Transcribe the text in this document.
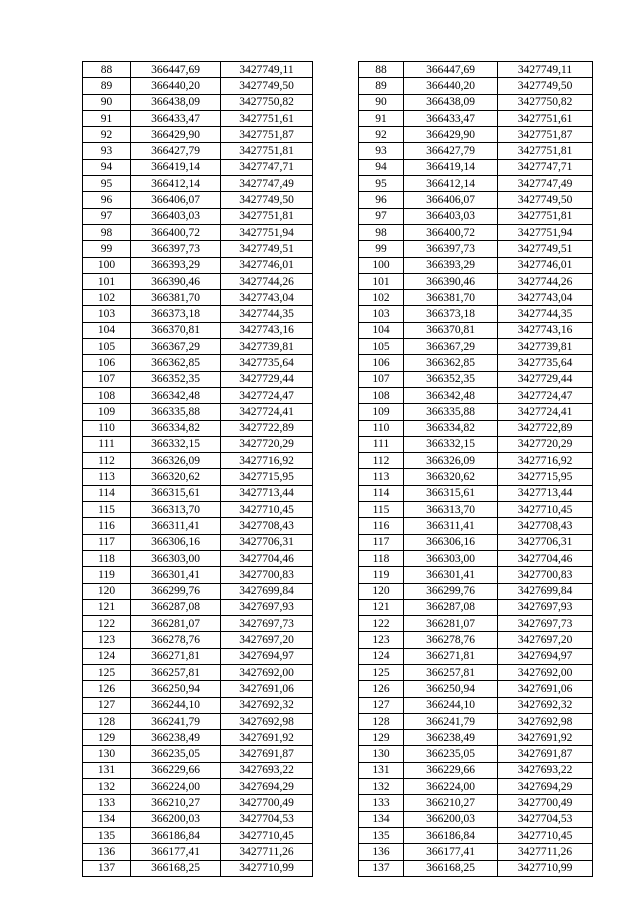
88	366447,69	3427749,11
89	366440,20	3427749,50
90	366438,09	3427750,82
91	366433,47	3427751,61
92	366429,90	3427751,87
93	366427,79	3427751,81
94	366419,14	3427747,71
95	366412,14	3427747,49
96	366406,07	3427749,50
97	366403,03	3427751,81
98	366400,72	3427751,94
99	366397,73	3427749,51
100	366393,29	3427746,01
101	366390,46	3427744,26
102	366381,70	3427743,04
103	366373,18	3427744,35
104	366370,81	3427743,16
105	366367,29	3427739,81
106	366362,85	3427735,64
107	366352,35	3427729,44
108	366342,48	3427724,47
109	366335,88	3427724,41
110	366334,82	3427722,89
111	366332,15	3427720,29
112	366326,09	3427716,92
113	366320,62	3427715,95
114	366315,61	3427713,44
115	366313,70	3427710,45
116	366311,41	3427708,43
117	366306,16	3427706,31
118	366303,00	3427704,46
119	366301,41	3427700,83
120	366299,76	3427699,84
121	366287,08	3427697,93
122	366281,07	3427697,73
123	366278,76	3427697,20
124	366271,81	3427694,97
125	366257,81	3427692,00
126	366250,94	3427691,06
127	366244,10	3427692,32
128	366241,79	3427692,98
129	366238,49	3427691,92
130	366235,05	3427691,87
131	366229,66	3427693,22
132	366224,00	3427694,29
133	366210,27	3427700,49
134	366200,03	3427704,53
135	366186,84	3427710,45
136	366177,41	3427711,26
137	366168,25	3427710,99
88	366447,69	3427749,11
89	366440,20	3427749,50
90	366438,09	3427750,82
91	366433,47	3427751,61
92	366429,90	3427751,87
93	366427,79	3427751,81
94	366419,14	3427747,71
95	366412,14	3427747,49
96	366406,07	3427749,50
97	366403,03	3427751,81
98	366400,72	3427751,94
99	366397,73	3427749,51
100	366393,29	3427746,01
101	366390,46	3427744,26
102	366381,70	3427743,04
103	366373,18	3427744,35
104	366370,81	3427743,16
105	366367,29	3427739,81
106	366362,85	3427735,64
107	366352,35	3427729,44
108	366342,48	3427724,47
109	366335,88	3427724,41
110	366334,82	3427722,89
111	366332,15	3427720,29
112	366326,09	3427716,92
113	366320,62	3427715,95
114	366315,61	3427713,44
115	366313,70	3427710,45
116	366311,41	3427708,43
117	366306,16	3427706,31
118	366303,00	3427704,46
119	366301,41	3427700,83
120	366299,76	3427699,84
121	366287,08	3427697,93
122	366281,07	3427697,73
123	366278,76	3427697,20
124	366271,81	3427694,97
125	366257,81	3427692,00
126	366250,94	3427691,06
127	366244,10	3427692,32
128	366241,79	3427692,98
129	366238,49	3427691,92
130	366235,05	3427691,87
131	366229,66	3427693,22
132	366224,00	3427694,29
133	366210,27	3427700,49
134	366200,03	3427704,53
135	366186,84	3427710,45
136	366177,41	3427711,26
137	366168,25	3427710,99
